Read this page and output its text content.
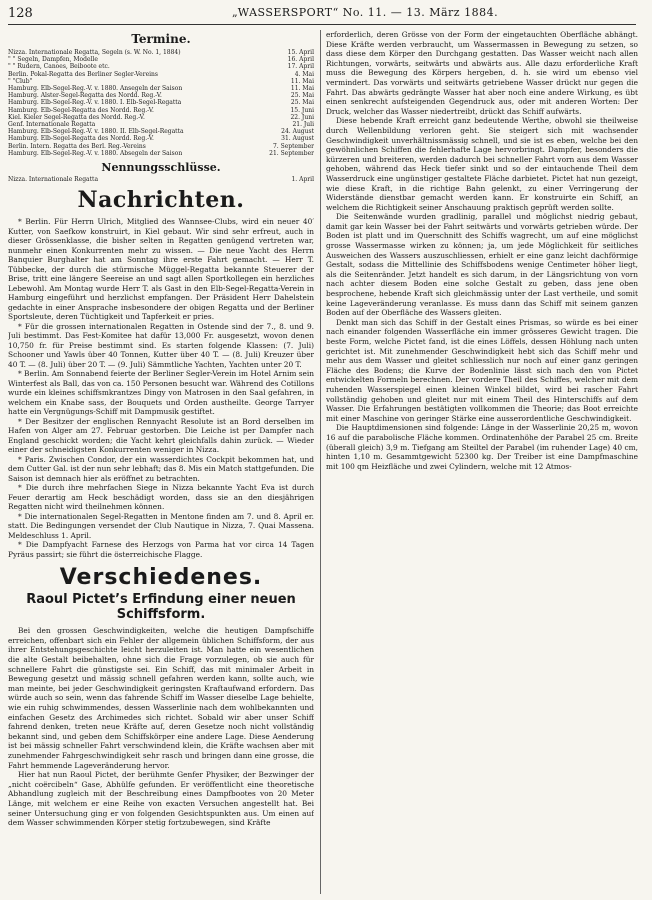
128	„WASSERSPORT“ No. 11. — 13. März 1884.
Termine.
Nizza. Internationale Regatta, Segeln (s. W. No. 1, 1884)	15. April
" " Segeln, Dampfen, Modelle	16. April
" " Rudern, Canoes, Beiboote etc.	17. April
Berlin. Pokal-Regatta des Berliner Segler-Vereins	4. Mai
" "Club"	11. Mai
Hamburg. Elb-Segel-Reg.-V. v. 1880. Ansegeln der Saison	11. Mai
Hamburg. Alster-Segel-Regatta des Nordd. Reg.-V.	25. Mai
Hamburg. Elb-Segel-Reg.-V. v. 1880. I. Elb-Segel-Regatta	25. Mai
Hamburg. Elb-Segel-Regatta des Nordd. Reg.-V.	15. Juni
Kiel. Kieler Segel-Regatta des Nordd. Reg.-V.	22. Juni
Genf. Internationale Regatta	21. Juli
Hamburg. Elb-Segel-Reg.-V. v. 1880. II. Elb-Segel-Regatta	24. August
Hamburg. Elb-Segel-Regatta des Nordd. Reg.-V.	31. August
Berlin. Intern. Regatta des Berl. Reg.-Vereins	7. September
Hamburg. Elb-Segel-Reg.-V. v. 1880. Absegeln der Saison	21. September
Nennungsschlüsse.
Nizza. Internationale Regatta	1. April
Nachrichten.

* Berlin. Für Herrn Ulrich, Mitglied des Wannsee-Clubs, wird ein neuer 40′ Kutter, von Saefkow konstruirt, in Kiel gebaut. Wir sind sehr erfreut, auch in dieser Grössenklasse, die bisher selten in Regatten genügend vertreten war, nunmehr einen Konkurrenten mehr zu wissen. — Die neue Yacht des Herrn Banquier Burghalter hat am Sonntag ihre erste Fahrt gemacht. — Herr T. Tübbecke, der durch die stürmische Müggel-Regatta bekannte Steuerer der Brise, tritt eine längere Seereise an und sagt allen Sportkollegen ein herzliches Lebewohl. Am Montag wurde Herr T. als Gast in den Elb-Segel-Regatta-Verein in Hamburg eingeführt und herzlichst empfangen. Der Präsident Herr Dahelstein gedachte in einer Ansprache insbesondere der obigen Regatta und der Berliner Sportsleute, deren Tüchtigkeit und Tapferkeit er pries.

* Für die grossen internationalen Regatten in Ostende sind der 7., 8. und 9. Juli bestimmt. Das Fest-Komitee hat dafür 13,000 Fr. ausgesetzt, wovon denen 10,750 fr. für Preise bestimmt sind. Es starten folgende Klassen: (7. Juli) Schooner und Yawls über 40 Tonnen, Kutter über 40 T. — (8. Juli) Kreuzer über 40 T. — (8. Juli) über 20 T. — (9. Juli) Sämmtliche Yachten, Yachten unter 20 T.

* Berlin. Am Sonnabend feierte der Berliner Segler-Verein im Hotel Arnim sein Winterfest als Ball, das von ca. 150 Personen besucht war. Während des Cotillons wurde ein kleines schiffsmkrantzes Dingy von Matrosen in den Saal gefahren, in welchem ein Knabe sass, der Bouquets und Orden austheilte. George Tarryer hatte ein Vergnügungs-Schiff mit Dampmusik gestiftet.

* Der Besitzer der englischen Rennyacht Resolute ist an Bord derselben im Hafen von Alger am 27. Februar gestorben. Die Leiche ist per Dampfer nach England geschickt worden; die Yacht kehrt gleichfalls dahin zurück. — Wieder einer der schneidigsten Konkurrenten weniger in Nizza.

* Paris. Zwischen Condor, der ein wasserdichtes Cockpit bekommen hat, und dem Cutter Gal. ist der nun sehr lebhaft; das 8. Mis ein Match stattgefunden. Die Saison ist demnach hier als eröffnet zu betrachten.

* Die durch ihre mehrfachen Siege in Nizza bekannte Yacht Eva ist durch Feuer derartig am Heck beschädigt worden, dass sie an den diesjährigen Regatten nicht wird theilnehmen können.

* Die internationalen Segel-Regatten in Mentone finden am 7. und 8. April er. statt. Die Bedingungen versendet der Club Nautique in Nizza, 7. Quai Massena. Meldeschluss 1. April.

* Die Dampfyacht Farnese des Herzogs von Parma hat vor circa 14 Tagen Pyräus passirt; sie führt die österreichische Flagge.

Verschiedenes.
Raoul Pictet’s Erfindung einer neuen Schiffsform.

Bei den grossen Geschwindigkeiten, welche die heutigen Dampfschiffe erreichen, offenbart sich ein Fehler der allgemein üblichen Schiffsform, der aus ihrer Entstehungsgeschichte leicht herzuleiten ist. Man hatte ein wesentlichen die alte Gestalt beibehalten, ohne sich die Frage vorzulegen, ob sie auch für schnellere Fahrt die günstigste sei. Ein Schiff, das mit minimaler Arbeit in Bewegung gesetzt und mässig schnell gefahren werden kann, sollte auch, wie man meinte, bei jeder Geschwindigkeit geringsten Kraftaufwand erfordern. Das würde auch so sein, wenn das fahrende Schiff im Wasser dieselbe Lage behielte, wie ein ruhig schwimmendes, dessen Wasserlinie nach dem wohlbekannten und einfachen Gesetz des Archimedes sich richtet. Sobald wir aber unser Schiff fahrend denken, treten neue Kräfte auf, deren Gesetze noch nicht vollständig bekannt sind, und geben dem Schiffskörper eine andere Lage. Diese Aenderung ist bei mässig schneller Fahrt verschwindend klein, die Kräfte wachsen aber mit zunehmender Fahrgeschwindigkeit sehr rasch und bringen dann eine grosse, die Fahrt hemmende Lageveränderung hervor.

Hier hat nun Raoul Pictet, der berühmte Genfer Physiker, der Bezwinger der „nicht coërcibeln“ Gase, Abhülfe gefunden. Er veröffentlicht eine theoretische Abhandlung zugleich mit der Beschreibung eines Dampfbootes von 20 Meter Länge, mit welchem er eine Reihe von exacten Versuchen angestellt hat. Bei seiner Untersuchung ging er von folgenden Gesichtspunkten aus. Um einen auf dem Wasser schwimmenden Körper stetig fortzubewegen, sind Kräfte

erforderlich, deren Grösse von der Form der eingetauchten Oberfläche abhängt. Diese Kräfte werden verbraucht, um Wassermassen in Bewegung zu setzen, so dass diese dem Körper den Durchgang gestatten. Das Wasser weicht nach allen Richtungen, vorwärts, seitwärts und abwärts aus. Alle dazu erforderliche Kraft muss die Bewegung des Körpers hergeben, d. h. sie wird um ebenso viel vermindert. Das vorwärts und seitwärts getriebene Wasser drückt nur gegen die Fahrt. Das abwärts gedrängte Wasser hat aber noch eine andere Wirkung, es übt einen senkrecht aufsteigenden Gegendruck aus, oder mit anderen Worten: Der Druck, welcher das Wasser niedertreibt, drückt das Schiff aufwärts.

Diese hebende Kraft erreicht ganz bedeutende Werthe, obwohl sie theilweise durch Wellenbildung verloren geht. Sie steigert sich mit wachsender Geschwindigkeit unverhältnissmässig schnell, und sie ist es eben, welche bei den gewöhnlichen Schiffen die fehlerhafte Lage hervorbringt. Dampfer, besonders die kürzeren und breiteren, werden dadurch bei schneller Fahrt vorn aus dem Wasser gehoben, während das Heck tiefer sinkt und so der eintauchende Theil dem Wasserdruck eine ungünstiger gestaltete Fläche darbietet. Pictet hat nun gezeigt, wie diese Kraft, in die richtige Bahn gelenkt, zu einer Verringerung der Widerstände dienstbar gemacht werden kann. Er konstruirte ein Schiff, an welchem die Richtigkeit seiner Anschauung praktisch geprüft werden sollte.

Die Seitenwände wurden gradlinig, parallel und möglichst niedrig gebaut, damit gar kein Wasser bei der Fahrt seitwärts und vorwärts getrieben würde. Der Boden ist platt und im Querschnitt des Schiffs wagrecht, um auf eine möglichst grosse Wassermasse wirken zu können; ja, um jede Möglichkeit für seitliches Ausweichen des Wassers auszuschliessen, erhielt er eine ganz leicht dachförmige Gestalt, sodass die Mittellinie des Schiffsbodens wenige Centimeter höher liegt, als die Seitenränder. Jetzt handelt es sich darum, in der Längsrichtung von vorn nach achter diesem Boden eine solche Gestalt zu geben, dass jene oben besprochene, hebende Kraft sich gleichmässig unter der Last vertheile, und somit keine Lageveränderung veranlasse. Es muss dann das Schiff mit seinem ganzen Boden auf der Oberfläche des Wassers gleiten.

Denkt man sich das Schiff in der Gestalt eines Prismas, so würde es bei einer nach einander folgenden Wasserfläche ein immer grösseres Gewicht tragen. Die beste Form, welche Pictet fand, ist die eines Löffels, dessen Höhlung nach unten gerichtet ist. Mit zunehmender Geschwindigkeit hebt sich das Schiff mehr und mehr aus dem Wasser und gleitet schliesslich nur noch auf einer ganz geringen Fläche des Bodens; die Kurve der Bodenlinie lässt sich nach den von Pictet entwickelten Formeln berechnen. Der vordere Theil des Schiffes, welcher mit dem ruhenden Wasserspiegel einen kleinen Winkel bildet, wird bei rascher Fahrt vollständig gehoben und gleitet nur mit einem Theil des Hinterschiffs auf dem Wasser. Die Erfahrungen bestätigten vollkommen die Theorie; das Boot erreichte mit einer Maschine von geringer Stärke eine ausserordentliche Geschwindigkeit.

Die Hauptdimensionen sind folgende: Länge in der Wasserlinie 20,25 m, wovon 16 auf die parabolische Fläche kommen. Ordinatenhöhe der Parabel 25 cm. Breite (überall gleich) 3,9 m. Tiefgang am Steiltel der Parabel (im ruhender Lage) 40 cm, hinten 1,10 m. Gesammtgewicht 52300 kg. Der Treiber ist eine Dampfmaschine mit 100 qm Heizfläche und zwei Cylindern, welche mit 12 Atmos-
